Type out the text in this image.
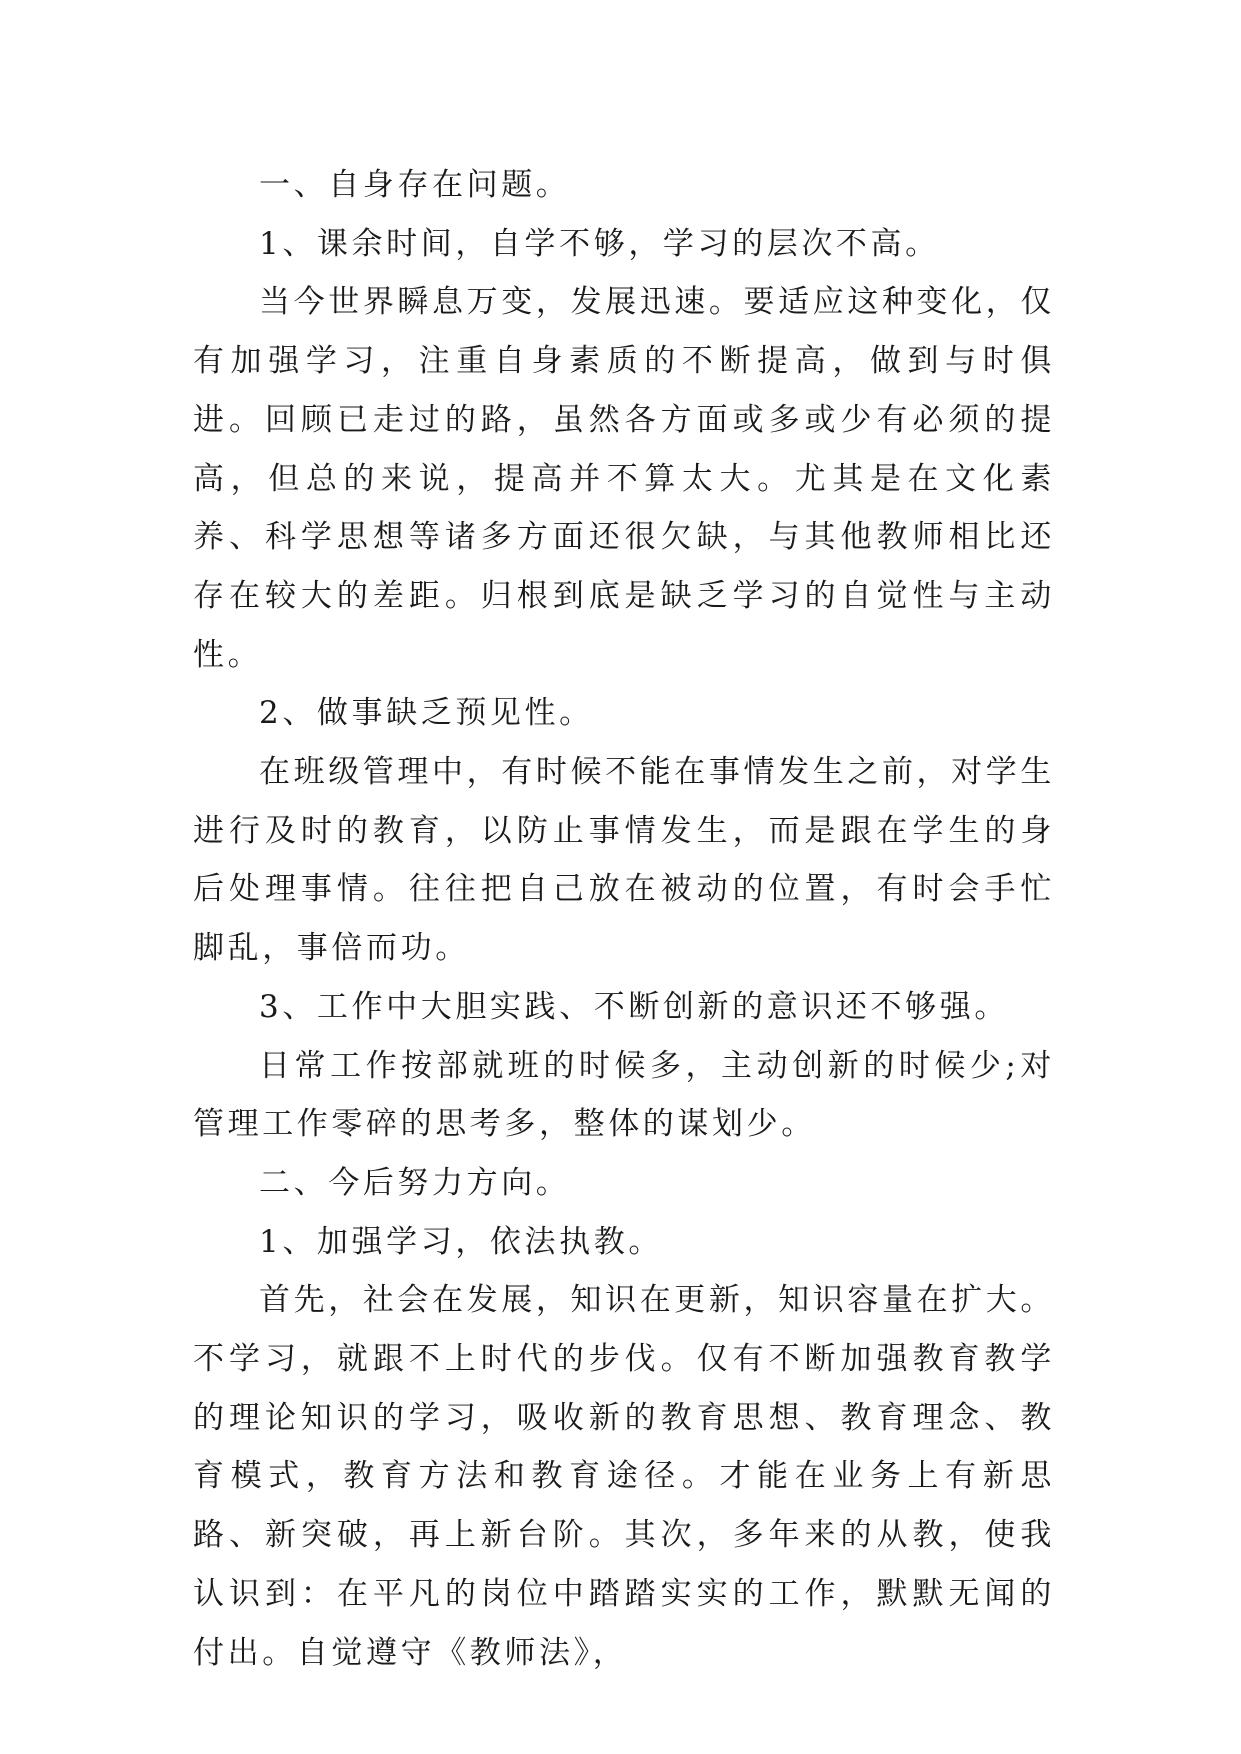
一、自身存在问题。

1、课余时间，自学不够，学习的层次不高。

当今世界瞬息万变，发展迅速。要适应这种变化，仅有加强学习，注重自身素质的不断提高，做到与时俱进。回顾已走过的路，虽然各方面或多或少有必须的提高，但总的来说，提高并不算太大。尤其是在文化素养、科学思想等诸多方面还很欠缺，与其他教师相比还存在较大的差距。归根到底是缺乏学习的自觉性与主动性。

2、做事缺乏预见性。

在班级管理中，有时候不能在事情发生之前，对学生进行及时的教育，以防止事情发生，而是跟在学生的身后处理事情。往往把自己放在被动的位置，有时会手忙脚乱，事倍而功。

3、工作中大胆实践、不断创新的意识还不够强。

日常工作按部就班的时候多，主动创新的时候少;对管理工作零碎的思考多，整体的谋划少。

二、今后努力方向。

1、加强学习，依法执教。

首先，社会在发展，知识在更新，知识容量在扩大。不学习，就跟不上时代的步伐。仅有不断加强教育教学的理论知识的学习，吸收新的教育思想、教育理念、教育模式，教育方法和教育途径。才能在业务上有新思路、新突破，再上新台阶。其次，多年来的从教，使我认识到：在平凡的岗位中踏踏实实的工作，默默无闻的付出。自觉遵守《教师法》，
